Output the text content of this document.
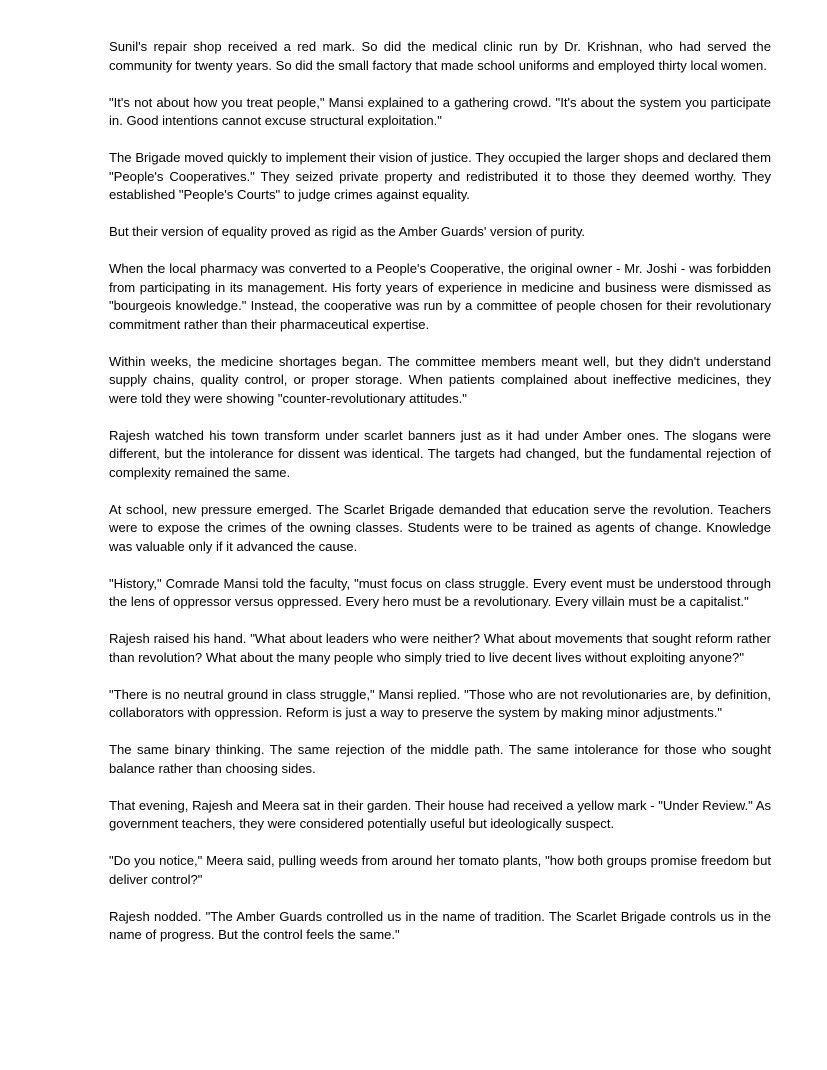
Sunil's repair shop received a red mark. So did the medical clinic run by Dr. Krishnan, who had served the community for twenty years. So did the small factory that made school uniforms and employed thirty local women.

"It's not about how you treat people," Mansi explained to a gathering crowd. "It's about the system you participate in. Good intentions cannot excuse structural exploitation."

The Brigade moved quickly to implement their vision of justice. They occupied the larger shops and declared them "People's Cooperatives." They seized private property and redistributed it to those they deemed worthy. They established "People's Courts" to judge crimes against equality.

But their version of equality proved as rigid as the Amber Guards' version of purity.

When the local pharmacy was converted to a People's Cooperative, the original owner - Mr. Joshi - was forbidden from participating in its management. His forty years of experience in medicine and business were dismissed as "bourgeois knowledge." Instead, the cooperative was run by a committee of people chosen for their revolutionary commitment rather than their pharmaceutical expertise.

Within weeks, the medicine shortages began. The committee members meant well, but they didn't understand supply chains, quality control, or proper storage. When patients complained about ineffective medicines, they were told they were showing "counter-revolutionary attitudes."

Rajesh watched his town transform under scarlet banners just as it had under Amber ones. The slogans were different, but the intolerance for dissent was identical. The targets had changed, but the fundamental rejection of complexity remained the same.

At school, new pressure emerged. The Scarlet Brigade demanded that education serve the revolution. Teachers were to expose the crimes of the owning classes. Students were to be trained as agents of change. Knowledge was valuable only if it advanced the cause.

"History," Comrade Mansi told the faculty, "must focus on class struggle. Every event must be understood through the lens of oppressor versus oppressed. Every hero must be a revolutionary. Every villain must be a capitalist."

Rajesh raised his hand. "What about leaders who were neither? What about movements that sought reform rather than revolution? What about the many people who simply tried to live decent lives without exploiting anyone?"

"There is no neutral ground in class struggle," Mansi replied. "Those who are not revolutionaries are, by definition, collaborators with oppression. Reform is just a way to preserve the system by making minor adjustments."

The same binary thinking. The same rejection of the middle path. The same intolerance for those who sought balance rather than choosing sides.

That evening, Rajesh and Meera sat in their garden. Their house had received a yellow mark - "Under Review." As government teachers, they were considered potentially useful but ideologically suspect.

"Do you notice," Meera said, pulling weeds from around her tomato plants, "how both groups promise freedom but deliver control?"

Rajesh nodded. "The Amber Guards controlled us in the name of tradition. The Scarlet Brigade controls us in the name of progress. But the control feels the same."
